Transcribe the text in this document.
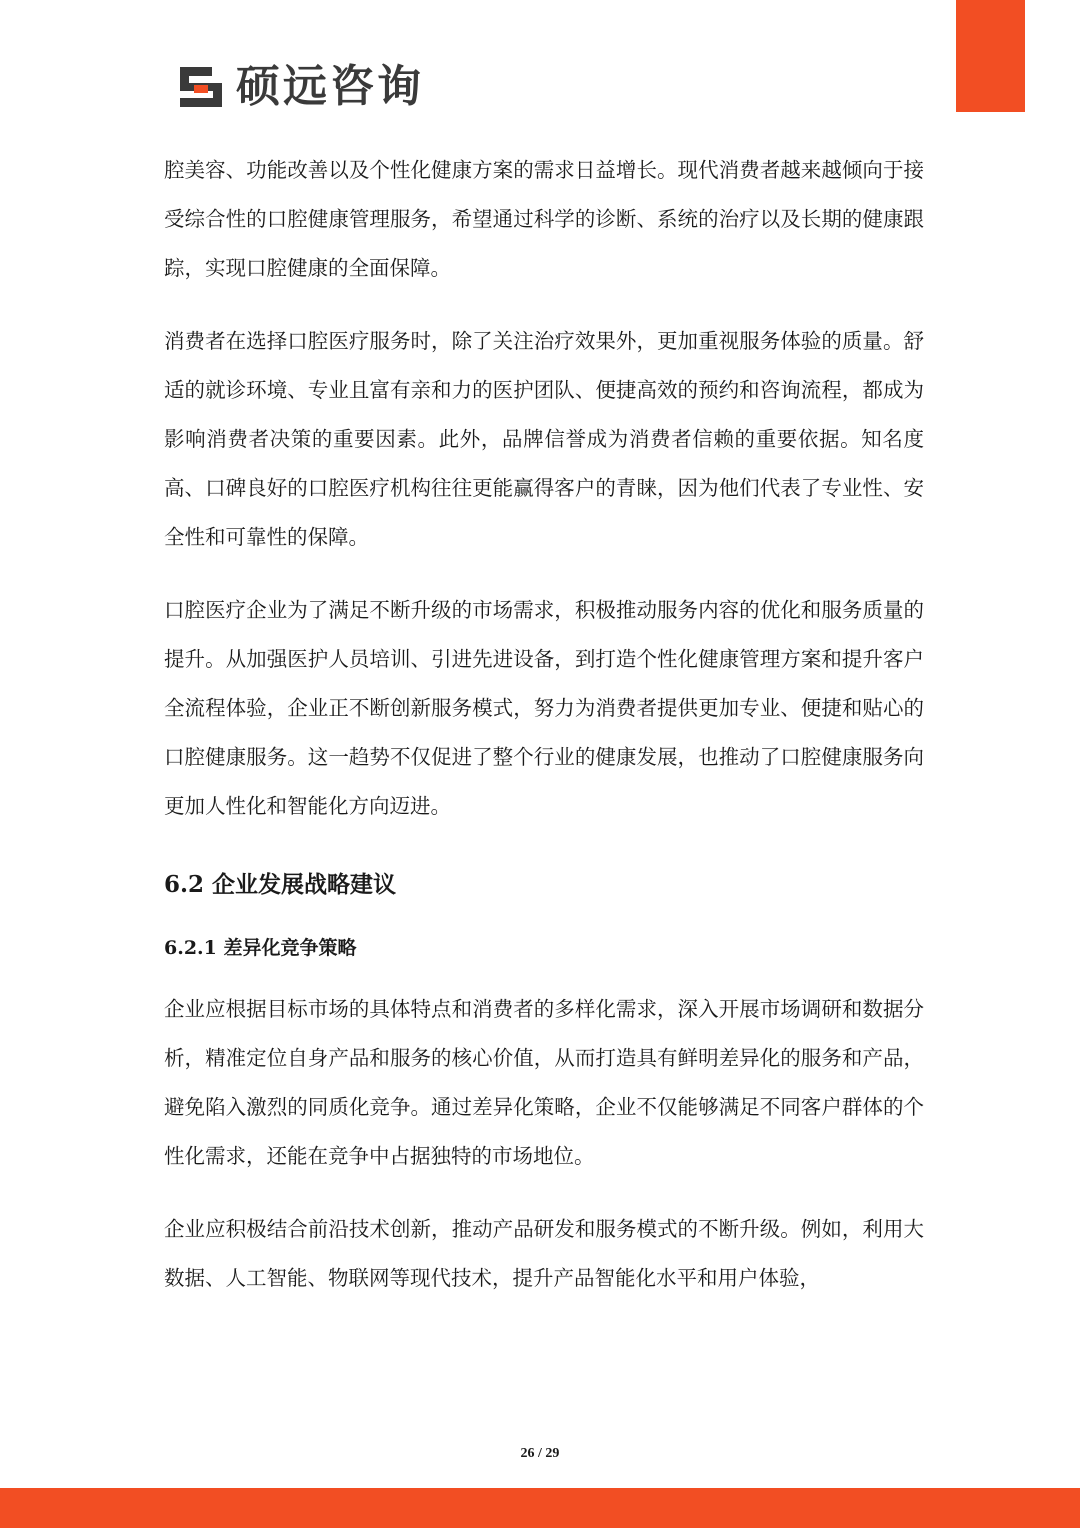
硕远咨询

腔美容、功能改善以及个性化健康方案的需求日益增长。现代消费者越来越倾向于接受综合性的口腔健康管理服务，希望通过科学的诊断、系统的治疗以及长期的健康跟踪，实现口腔健康的全面保障。

消费者在选择口腔医疗服务时，除了关注治疗效果外，更加重视服务体验的质量。舒适的就诊环境、专业且富有亲和力的医护团队、便捷高效的预约和咨询流程，都成为影响消费者决策的重要因素。此外，品牌信誉成为消费者信赖的重要依据。知名度高、口碑良好的口腔医疗机构往往更能赢得客户的青睐，因为他们代表了专业性、安全性和可靠性的保障。

口腔医疗企业为了满足不断升级的市场需求，积极推动服务内容的优化和服务质量的提升。从加强医护人员培训、引进先进设备，到打造个性化健康管理方案和提升客户全流程体验，企业正不断创新服务模式，努力为消费者提供更加专业、便捷和贴心的口腔健康服务。这一趋势不仅促进了整个行业的健康发展，也推动了口腔健康服务向更加人性化和智能化方向迈进。

6.2 企业发展战略建议
6.2.1 差异化竞争策略

企业应根据目标市场的具体特点和消费者的多样化需求，深入开展市场调研和数据分析，精准定位自身产品和服务的核心价值，从而打造具有鲜明差异化的服务和产品，避免陷入激烈的同质化竞争。通过差异化策略，企业不仅能够满足不同客户群体的个性化需求，还能在竞争中占据独特的市场地位。

企业应积极结合前沿技术创新，推动产品研发和服务模式的不断升级。例如，利用大数据、人工智能、物联网等现代技术，提升产品智能化水平和用户体验，

26 / 29
